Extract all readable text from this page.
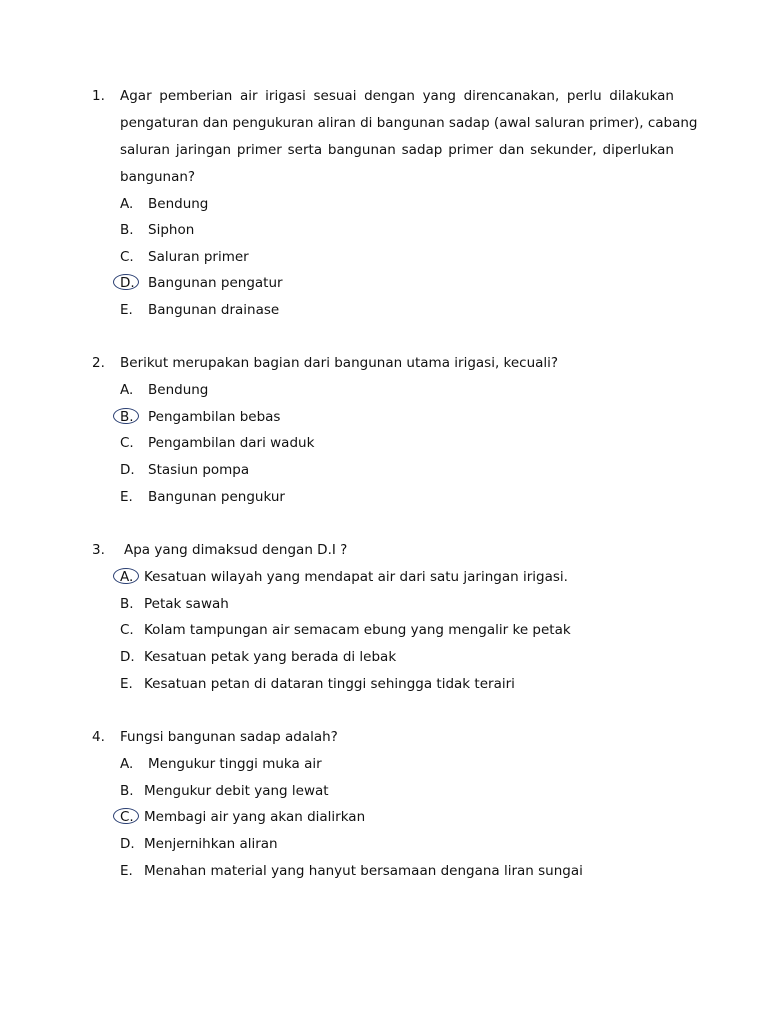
1. Agar pemberian air irigasi sesuai dengan yang direncanakan, perlu dilakukan
pengaturan dan pengukuran aliran di bangunan sadap (awal saluran primer), cabang
saluran jaringan primer serta bangunan sadap primer dan sekunder, diperlukan
bangunan?
A. Bendung
B. Siphon
C. Saluran primer
D. Bangunan pengatur
E. Bangunan drainase
2. Berikut merupakan bagian dari bangunan utama irigasi, kecuali?
A. Bendung
B. Pengambilan bebas
C. Pengambilan dari waduk
D. Stasiun pompa
E. Bangunan pengukur
3. Apa yang dimaksud dengan D.I ?
A. Kesatuan wilayah yang mendapat air dari satu jaringan irigasi.
B. Petak sawah
C. Kolam tampungan air semacam ebung yang mengalir ke petak
D. Kesatuan petak yang berada di lebak
E. Kesatuan petan di dataran tinggi sehingga tidak terairi
4. Fungsi bangunan sadap adalah?
A. Mengukur tinggi muka air
B. Mengukur debit yang lewat
C. Membagi air yang akan dialirkan
D. Menjernihkan aliran
E. Menahan material yang hanyut bersamaan dengana liran sungai
